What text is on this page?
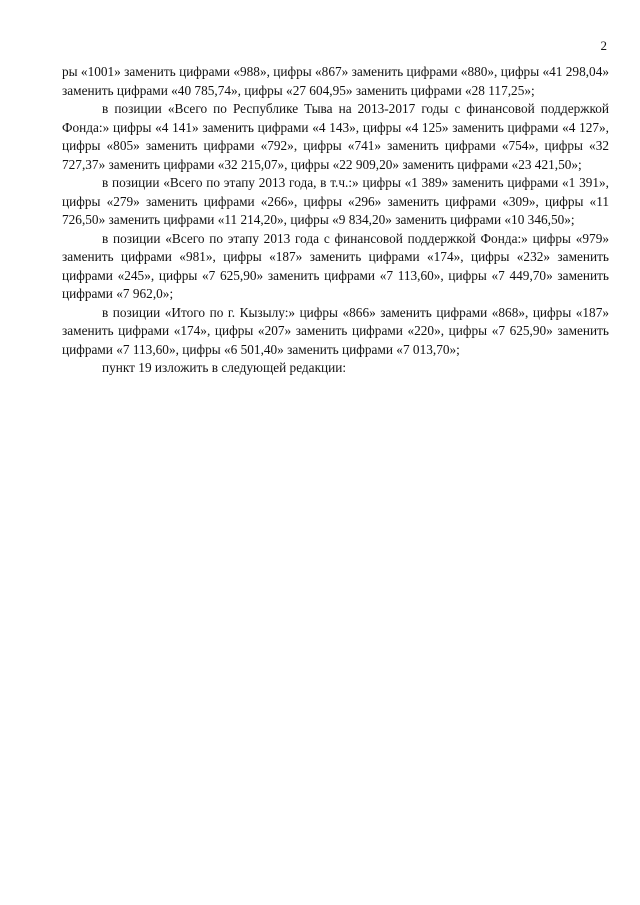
2

ры «1001» заменить цифрами «988», цифры «867» заменить цифрами «880», цифры «41 298,04» заменить цифрами «40 785,74», цифры «27 604,95» заменить цифрами «28 117,25»;

в позиции «Всего по Республике Тыва на 2013-2017 годы с финансовой поддержкой Фонда:» цифры «4 141» заменить цифрами «4 143», цифры «4 125» заменить цифрами «4 127», цифры «805» заменить цифрами «792», цифры «741» заменить цифрами «754», цифры «32 727,37» заменить цифрами «32 215,07», цифры «22 909,20» заменить цифрами «23 421,50»;

в позиции «Всего по этапу 2013 года, в т.ч.:» цифры «1 389» заменить цифрами «1 391», цифры «279» заменить цифрами «266», цифры «296» заменить цифрами «309», цифры «11 726,50» заменить цифрами «11 214,20», цифры «9 834,20» заменить цифрами «10 346,50»;

в позиции «Всего по этапу 2013 года с финансовой поддержкой Фонда:» цифры «979» заменить цифрами «981», цифры «187» заменить цифрами «174», цифры «232» заменить цифрами «245», цифры «7 625,90» заменить цифрами «7 113,60», цифры «7 449,70» заменить цифрами «7 962,0»;

в позиции «Итого по г. Кызылу:» цифры «866» заменить цифрами «868», цифры «187» заменить цифрами «174», цифры «207» заменить цифрами «220», цифры «7 625,90» заменить цифрами «7 113,60», цифры «6 501,40» заменить цифрами «7 013,70»;

пункт 19 изложить в следующей редакции:
